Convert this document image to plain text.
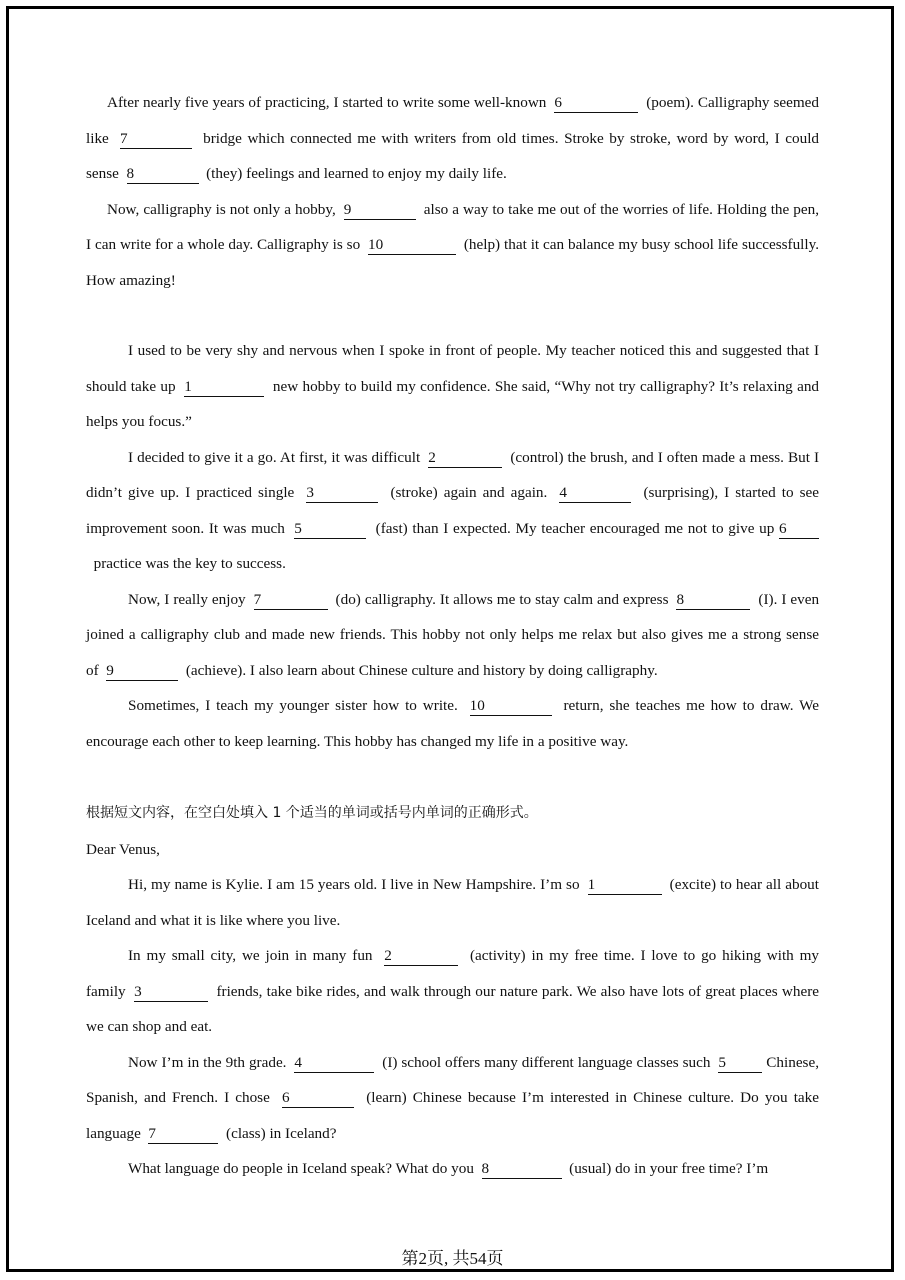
After nearly five years of practicing, I started to write some well-known 6	(poem). Calligraphy seemed like 7	bridge which connected me with writers from old times. Stroke by stroke, word by word, I could sense 8	(they) feelings and learned to enjoy my daily life.

Now, calligraphy is not only a hobby, 9	also a way to take me out of the worries of life. Holding the pen, I can write for a whole day. Calligraphy is so 10	(help) that it can balance my busy school life successfully. How amazing!

I used to be very shy and nervous when I spoke in front of people. My teacher noticed this and suggested that I should take up 1	new hobby to build my confidence. She said, “Why not try calligraphy? It’s relaxing and helps you focus.”

I decided to give it a go. At first, it was difficult 2	(control) the brush, and I often made a mess. But I didn’t give up. I practiced single 3	(stroke) again and again. 4	(surprising), I started to see improvement soon. It was much 5	(fast) than I expected. My teacher encouraged me not to give up 6  practice was the key to success.

Now, I really enjoy 7	(do) calligraphy. It allows me to stay calm and express 8	(I). I even joined a calligraphy club and made new friends. This hobby not only helps me relax but also gives me a strong sense of 9	(achieve). I also learn about Chinese culture and history by doing calligraphy.

Sometimes, I teach my younger sister how to write. 10	return, she teaches me how to draw. We encourage each other to keep learning. This hobby has changed my life in a positive way.

根据短文内容，在空白处填入 1 个适当的单词或括号内单词的正确形式。

Dear Venus,

Hi, my name is Kylie. I am 15 years old. I live in New Hampshire. I’m so 1	(excite) to hear all about Iceland and what it is like where you live.

In my small city, we join in many fun 2	(activity) in my free time. I love to go hiking with my family 3	friends, take bike rides, and walk through our nature park. We also have lots of great places where we can shop and eat.

Now I’m in the 9th grade. 4	(I) school offers many different language classes such 5	Chinese, Spanish, and French. I chose 6	(learn) Chinese because I’m interested in Chinese culture. Do you take language 7	(class) in Iceland?

What language do people in Iceland speak? What do you 8	(usual) do in your free time? I’m

第2页, 共54页
